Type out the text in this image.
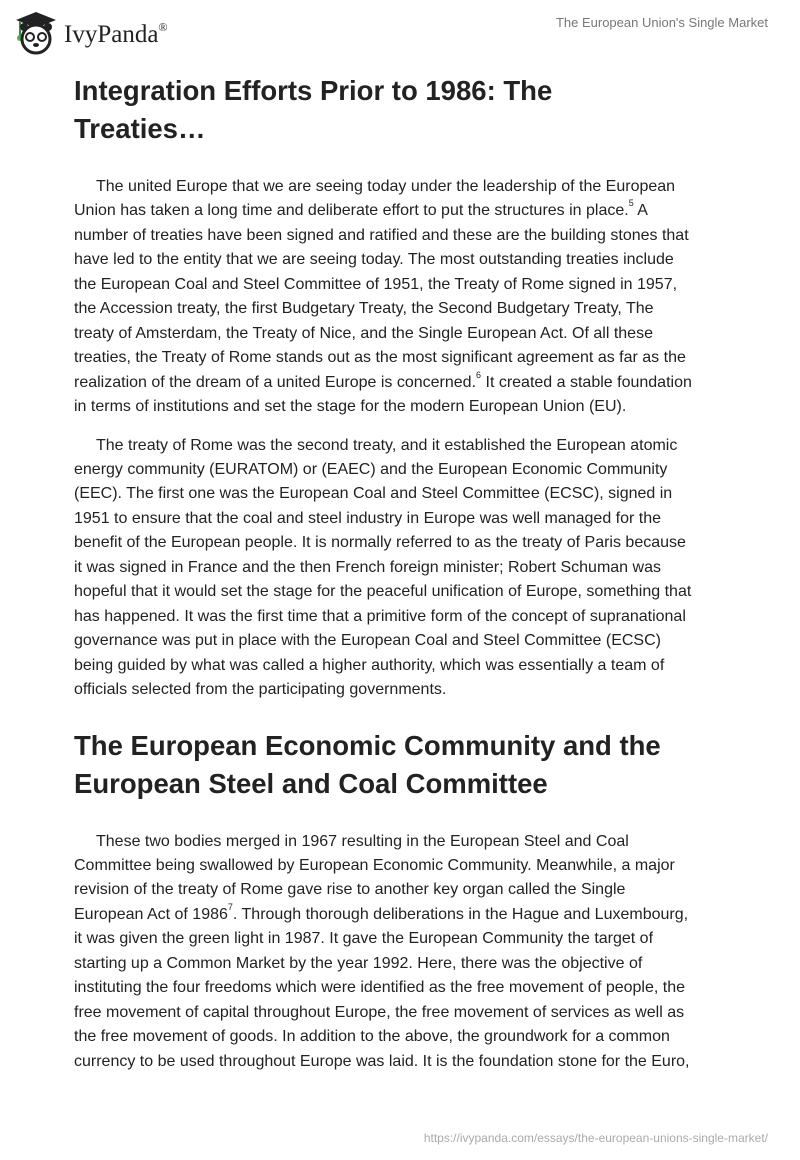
IvyPanda®	The European Union's Single Market
Integration Efforts Prior to 1986: The
Treaties…

The united Europe that we are seeing today under the leadership of the European
Union has taken a long time and deliberate effort to put the structures in place.$^5$ A
number of treaties have been signed and ratified and these are the building stones that
have led to the entity that we are seeing today. The most outstanding treaties include
the European Coal and Steel Committee of 1951, the Treaty of Rome signed in 1957,
the Accession treaty, the first Budgetary Treaty, the Second Budgetary Treaty, The
treaty of Amsterdam, the Treaty of Nice, and the Single European Act. Of all these
treaties, the Treaty of Rome stands out as the most significant agreement as far as the
realization of the dream of a united Europe is concerned.$^6$ It created a stable foundation
in terms of institutions and set the stage for the modern European Union (EU).

The treaty of Rome was the second treaty, and it established the European atomic
energy community (EURATOM) or (EAEC) and the European Economic Community
(EEC). The first one was the European Coal and Steel Committee (ECSC), signed in
1951 to ensure that the coal and steel industry in Europe was well managed for the
benefit of the European people. It is normally referred to as the treaty of Paris because
it was signed in France and the then French foreign minister; Robert Schuman was
hopeful that it would set the stage for the peaceful unification of Europe, something that
has happened. It was the first time that a primitive form of the concept of supranational
governance was put in place with the European Coal and Steel Committee (ECSC)
being guided by what was called a higher authority, which was essentially a team of
officials selected from the participating governments.

The European Economic Community and the
European Steel and Coal Committee

These two bodies merged in 1967 resulting in the European Steel and Coal
Committee being swallowed by European Economic Community. Meanwhile, a major
revision of the treaty of Rome gave rise to another key organ called the Single
European Act of 1986$^7$. Through thorough deliberations in the Hague and Luxembourg,
it was given the green light in 1987. It gave the European Community the target of
starting up a Common Market by the year 1992. Here, there was the objective of
instituting the four freedoms which were identified as the free movement of people, the
free movement of capital throughout Europe, the free movement of services as well as
the free movement of goods. In addition to the above, the groundwork for a common
currency to be used throughout Europe was laid. It is the foundation stone for the Euro,

https://ivypanda.com/essays/the-european-unions-single-market/
